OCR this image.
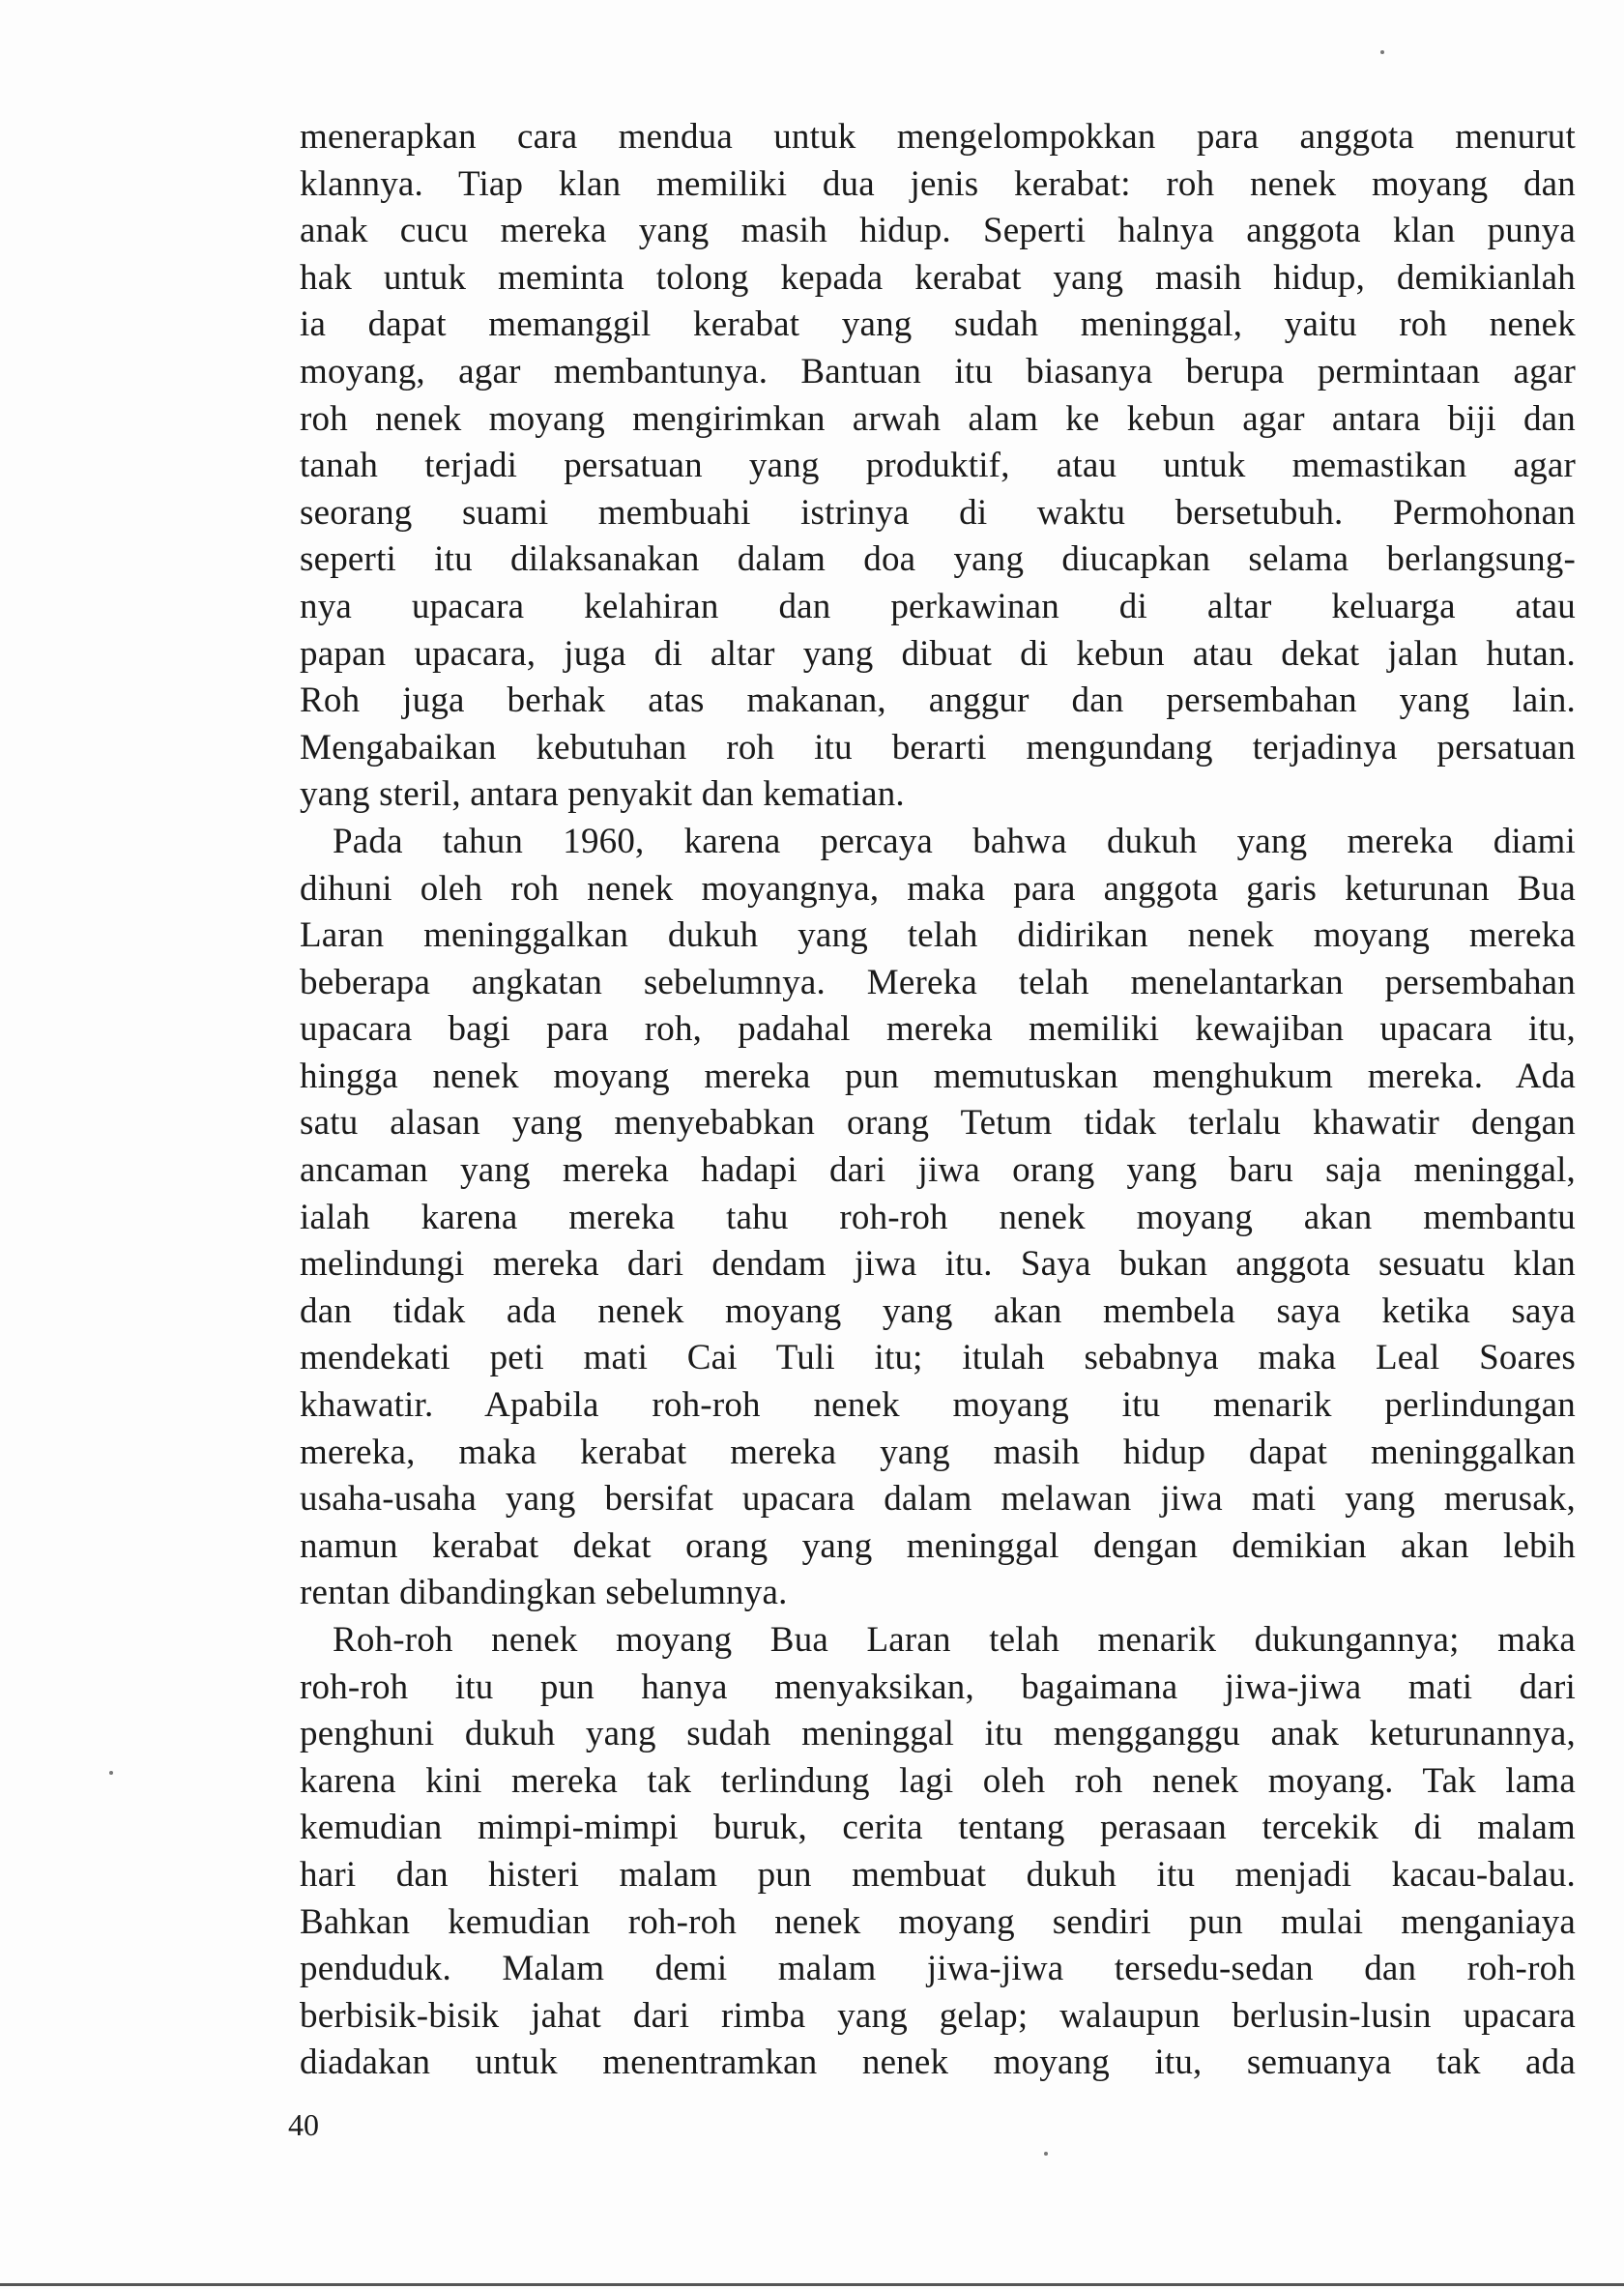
menerapkan cara mendua untuk mengelompokkan para anggota menurut
klannya. Tiap klan memiliki dua jenis kerabat: roh nenek moyang dan
anak cucu mereka yang masih hidup. Seperti halnya anggota klan punya
hak untuk meminta tolong kepada kerabat yang masih hidup, demikianlah
ia dapat memanggil kerabat yang sudah meninggal, yaitu roh nenek
moyang, agar membantunya. Bantuan itu biasanya berupa permintaan agar
roh nenek moyang mengirimkan arwah alam ke kebun agar antara biji dan
tanah terjadi persatuan yang produktif, atau untuk memastikan agar
seorang suami membuahi istrinya di waktu bersetubuh. Permohonan
seperti itu dilaksanakan dalam doa yang diucapkan selama berlangsung-
nya upacara kelahiran dan perkawinan di altar keluarga atau
papan upacara, juga di altar yang dibuat di kebun atau dekat jalan hutan.
Roh juga berhak atas makanan, anggur dan persembahan yang lain.
Mengabaikan kebutuhan roh itu berarti mengundang terjadinya persatuan
yang steril, antara penyakit dan kematian.
Pada tahun 1960, karena percaya bahwa dukuh yang mereka diami
dihuni oleh roh nenek moyangnya, maka para anggota garis keturunan Bua
Laran meninggalkan dukuh yang telah didirikan nenek moyang mereka
beberapa angkatan sebelumnya. Mereka telah menelantarkan persembahan
upacara bagi para roh, padahal mereka memiliki kewajiban upacara itu,
hingga nenek moyang mereka pun memutuskan menghukum mereka. Ada
satu alasan yang menyebabkan orang Tetum tidak terlalu khawatir dengan
ancaman yang mereka hadapi dari jiwa orang yang baru saja meninggal,
ialah karena mereka tahu roh-roh nenek moyang akan membantu
melindungi mereka dari dendam jiwa itu. Saya bukan anggota sesuatu klan
dan tidak ada nenek moyang yang akan membela saya ketika saya
mendekati peti mati Cai Tuli itu; itulah sebabnya maka Leal Soares
khawatir. Apabila roh-roh nenek moyang itu menarik perlindungan
mereka, maka kerabat mereka yang masih hidup dapat meninggalkan
usaha-usaha yang bersifat upacara dalam melawan jiwa mati yang merusak,
namun kerabat dekat orang yang meninggal dengan demikian akan lebih
rentan dibandingkan sebelumnya.
Roh-roh nenek moyang Bua Laran telah menarik dukungannya; maka
roh-roh itu pun hanya menyaksikan, bagaimana jiwa-jiwa mati dari
penghuni dukuh yang sudah meninggal itu mengganggu anak keturunannya,
karena kini mereka tak terlindung lagi oleh roh nenek moyang. Tak lama
kemudian mimpi-mimpi buruk, cerita tentang perasaan tercekik di malam
hari dan histeri malam pun membuat dukuh itu menjadi kacau-balau.
Bahkan kemudian roh-roh nenek moyang sendiri pun mulai menganiaya
penduduk. Malam demi malam jiwa-jiwa tersedu-sedan dan roh-roh
berbisik-bisik jahat dari rimba yang gelap; walaupun berlusin-lusin upacara
diadakan untuk menentramkan nenek moyang itu, semuanya tak ada
40
